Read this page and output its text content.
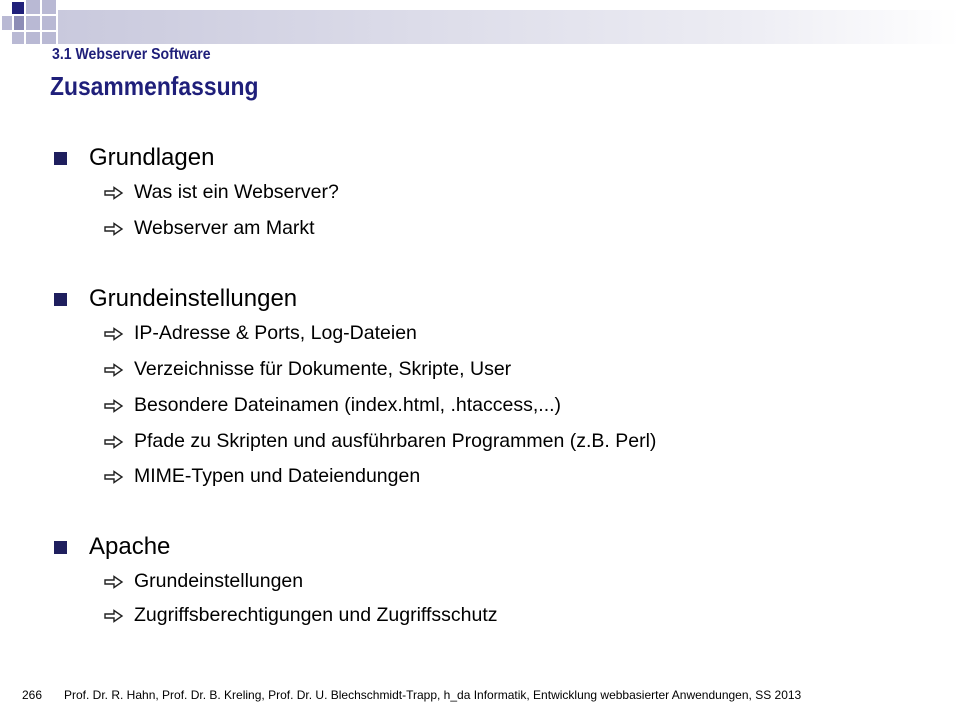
3.1 Webserver Software
Zusammenfassung
Grundlagen
Was ist ein Webserver?
Webserver am Markt
Grundeinstellungen
IP-Adresse & Ports, Log-Dateien
Verzeichnisse für Dokumente, Skripte, User
Besondere Dateinamen (index.html, .htaccess,...)
Pfade zu Skripten und ausführbaren Programmen (z.B. Perl)
MIME-Typen und Dateiendungen
Apache
Grundeinstellungen
Zugriffsberechtigungen und Zugriffsschutz
266 Prof. Dr. R. Hahn, Prof. Dr. B. Kreling, Prof. Dr. U. Blechschmidt-Trapp, h_da Informatik, Entwicklung webbasierter Anwendungen, SS 2013
